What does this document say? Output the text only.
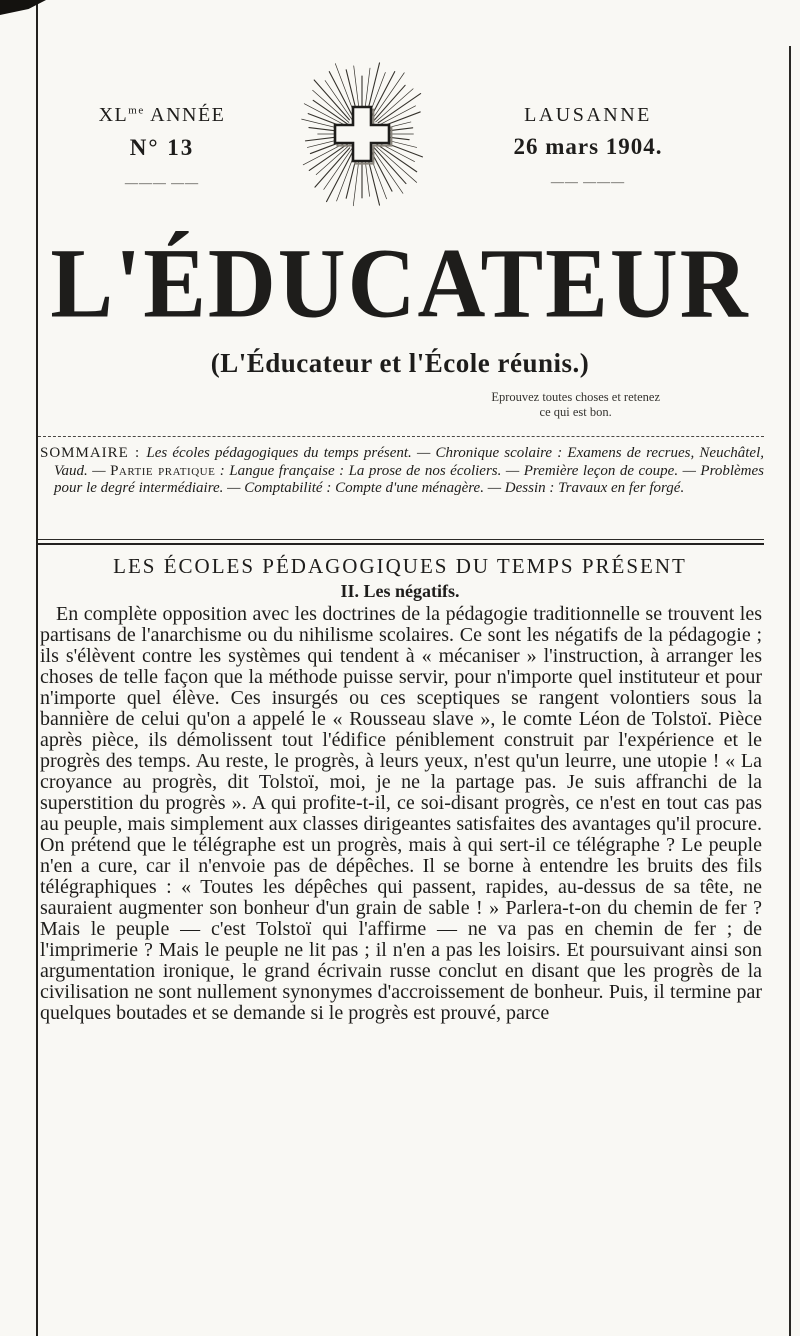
$XL^{me}$ ANNÉE
N° 13
——— ——
LAUSANNE
26 mars 1904.
—— ———
L'ÉDUCATEUR
(L'Éducateur et l'École réunis.)
Eprouvez toutes choses et retenez
ce qui est bon.

SOMMAIRE : Les écoles pédagogiques du temps présent. — Chronique scolaire : Examens de recrues, Neuchâtel, Vaud. — Partie pratique : Langue française : La prose de nos écoliers. — Première leçon de coupe. — Problèmes pour le degré intermédiaire. — Comptabilité : Compte d'une ménagère. — Dessin : Travaux en fer forgé.

LES ÉCOLES PÉDAGOGIQUES DU TEMPS PRÉSENT
II. Les négatifs.

En complète opposition avec les doctrines de la pédagogie traditionnelle se trouvent les partisans de l'anarchisme ou du nihilisme scolaires. Ce sont les négatifs de la pédagogie ; ils s'élèvent contre les systèmes qui tendent à « mécaniser » l'instruction, à arranger les choses de telle façon que la méthode puisse servir, pour n'importe quel instituteur et pour n'importe quel élève. Ces insurgés ou ces sceptiques se rangent volontiers sous la bannière de celui qu'on a appelé le « Rousseau slave », le comte Léon de Tolstoï. Pièce après pièce, ils démolissent tout l'édifice péniblement construit par l'expérience et le progrès des temps. Au reste, le progrès, à leurs yeux, n'est qu'un leurre, une utopie ! « La croyance au progrès, dit Tolstoï, moi, je ne la partage pas. Je suis affranchi de la superstition du progrès ». A qui profite-t-il, ce soi-disant progrès, ce n'est en tout cas pas au peuple, mais simplement aux classes dirigeantes satisfaites des avantages qu'il procure. On prétend que le télégraphe est un progrès, mais à qui sert-il ce télégraphe ? Le peuple n'en a cure, car il n'envoie pas de dépêches. Il se borne à entendre les bruits des fils télégraphiques : « Toutes les dépêches qui passent, rapides, au-dessus de sa tête, ne sauraient augmenter son bonheur d'un grain de sable ! » Parlera-t-on du chemin de fer ? Mais le peuple — c'est Tolstoï qui l'affirme — ne va pas en chemin de fer ; de l'imprimerie ? Mais le peuple ne lit pas ; il n'en a pas les loisirs. Et poursuivant ainsi son argumentation ironique, le grand écrivain russe conclut en disant que les progrès de la civilisation ne sont nullement synonymes d'accroissement de bonheur. Puis, il termine par quelques boutades et se demande si le progrès est prouvé, parce
